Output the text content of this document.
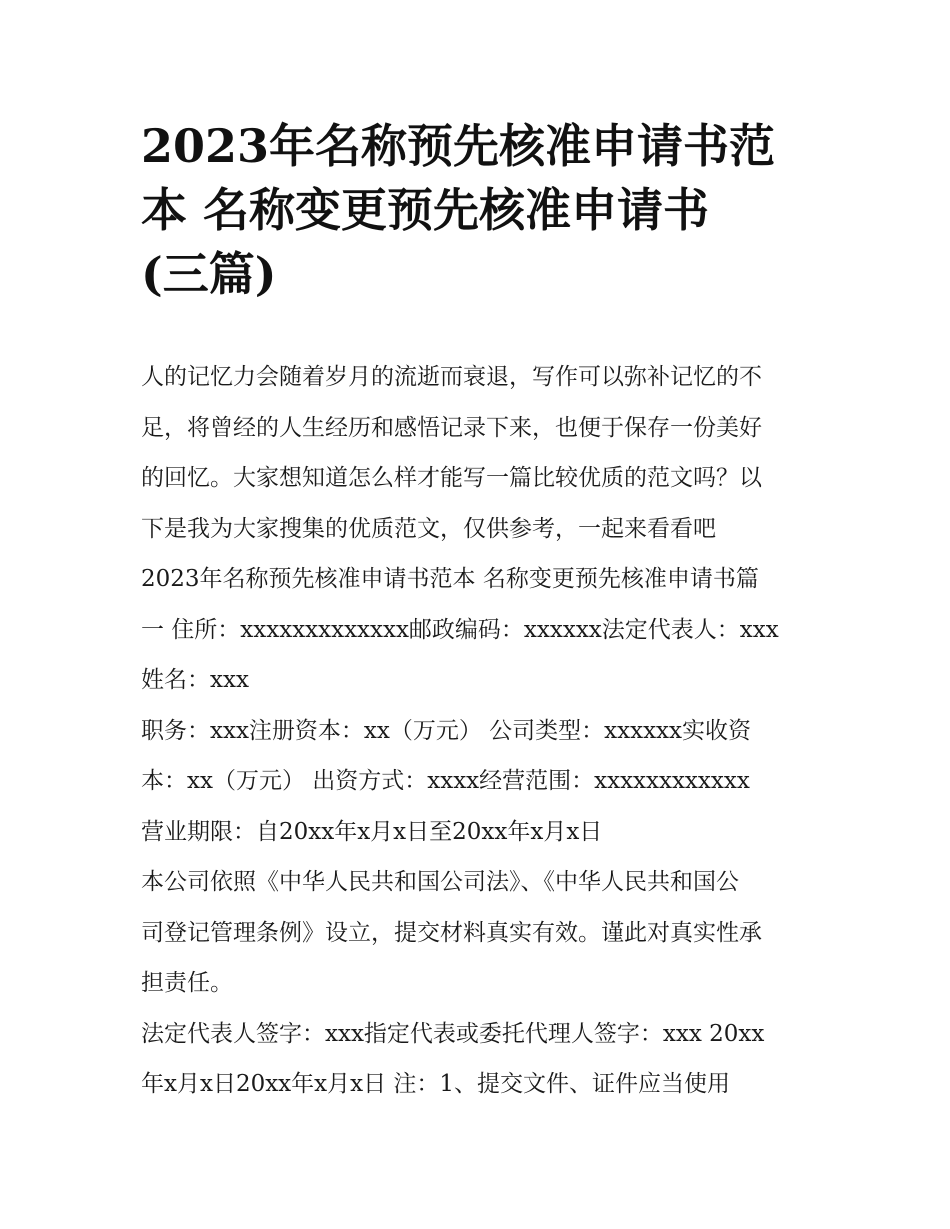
2023年名称预先核准申请书范
本 名称变更预先核准申请书
(三篇)
人的记忆力会随着岁月的流逝而衰退，写作可以弥补记忆的不
足，将曾经的人生经历和感悟记录下来，也便于保存一份美好
的回忆。大家想知道怎么样才能写一篇比较优质的范文吗？以
下是我为大家搜集的优质范文，仅供参考，一起来看看吧
2023年名称预先核准申请书范本 名称变更预先核准申请书篇
一 住所：xxxxxxxxxxxxx邮政编码：xxxxxx法定代表人：xxx
姓名：xxx
职务：xxx注册资本：xx（万元） 公司类型：xxxxxx实收资
本：xx（万元） 出资方式：xxxx经营范围：xxxxxxxxxxxx
营业期限：自20xx年x月x日至20xx年x月x日
本公司依照《中华人民共和国公司法》、《中华人民共和国公
司登记管理条例》设立，提交材料真实有效。谨此对真实性承
担责任。
法定代表人签字：xxx指定代表或委托代理人签字：xxx 20xx
年x月x日20xx年x月x日 注：1、提交文件、证件应当使用
